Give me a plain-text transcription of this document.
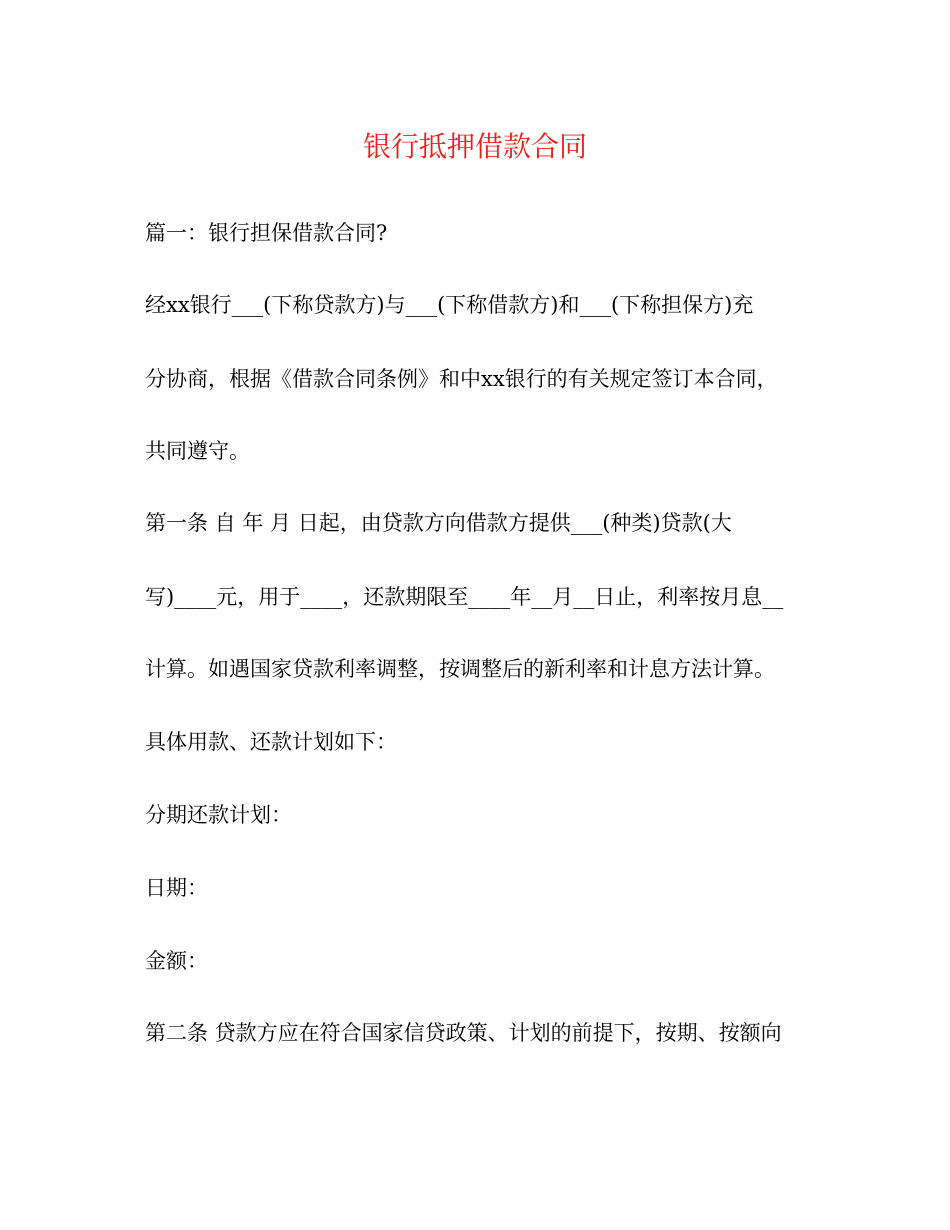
银行抵押借款合同

篇一：银行担保借款合同?

经xx银行___(下称贷款方)与___(下称借款方)和___(下称担保方)充

分协商，根据《借款合同条例》和中xx银行的有关规定签订本合同，

共同遵守。

第一条 自 年 月 日起，由贷款方向借款方提供___(种类)贷款(大

写)____元，用于____，还款期限至____年__月__日止，利率按月息__

计算。如遇国家贷款利率调整，按调整后的新利率和计息方法计算。

具体用款、还款计划如下：

分期还款计划：

日期：

金额：

第二条 贷款方应在符合国家信贷政策、计划的前提下，按期、按额向
